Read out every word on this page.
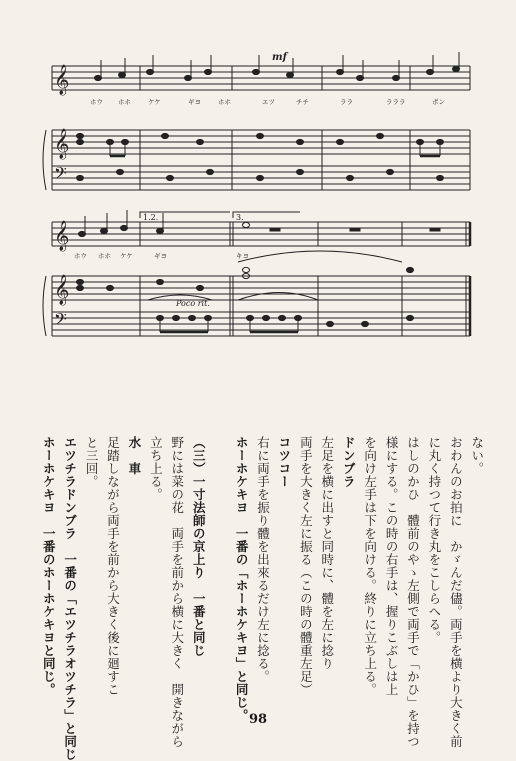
𝄞
𝄞
𝄢
𝄞
𝄞
𝄢
mf
1.2.	3.
Poco rit.
ホウ ホホ	ケケ	ギヨ	ホホ	エツ	チチ	ララ	ラララ	ポン
ホウ ホホ ケケ	ギヨ	キヨ
ない。
おわんのお拍に　かゞんだ儘。両手を横より大きく前
に丸く持つて行き丸をこしらへる。
はしのかひ　體前のやゝ左側で両手で「かひ」を持つ
様にする。この時の右手は、握りこぶしは上
を向け左手は下を向ける。終りに立ち上る。
ドンブラ
左足を横に出すと同時に、體を左に捻り
両手を大きく左に振る（この時の體重左足）
コツコー
右に両手を振り體を出來るだけ左に捻る。
ホーホケキヨ　一番の「ホーホケキヨ」と同じ。
（三）一寸法師の京上り　一番と同じ
野には菜の花　両手を前から横に大きく　開きながら
立ち上る。
水　車
足踏しながら両手を前から大きく後に廻すこ
と三回。
エツチラドンブラ　一番の「エツチラオツチラ」と同じ
ホーホケキヨ　一番のホーホケキヨと同じ。
98
